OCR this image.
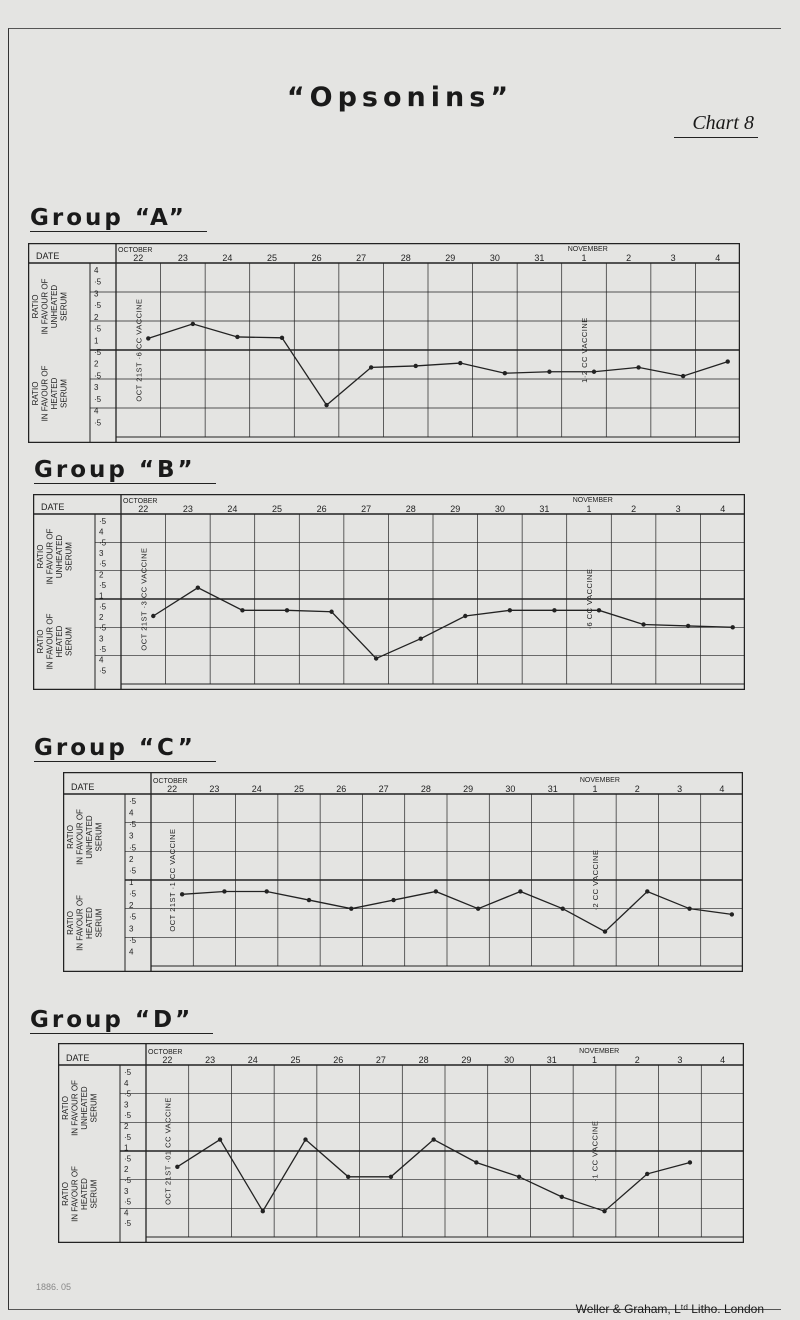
“Opsonins”
Chart 8
Group “A”
DATE
OCTOBER	NOVEMBER
22	23	24	25	26	27	28	29	30	31	1	2	3	4
4
·5
3
·5
2
·5
1
·5
2
·5
3
·5
4
·5
RATIO IN FAVOUR OF UNHEATED SERUM
RATIO IN FAVOUR OF HEATED SERUM	OCT 21ST ·6 CC VACCINE	1·2 CC VACCINE
Group “B”
DATE
OCTOBER	NOVEMBER
22	23	24	25	26	27	28	29	30	31	1	2	3	4
·5
4
·5
3
·5
2
·5
1
·5
2
·5
3
·5
4
·5
RATIO IN FAVOUR OF UNHEATED SERUM
RATIO IN FAVOUR OF HEATED SERUM	OCT 21ST ·3 CC VACCINE	·6 CC VACCINE
Group “C”
DATE
OCTOBER	NOVEMBER
22	23	24	25	26	27	28	29	30	31	1	2	3	4
·5
4
·5
3
·5
2
·5
1
·5
2
·5
3
·5
4
RATIO IN FAVOUR OF UNHEATED SERUM
RATIO IN FAVOUR OF HEATED SERUM	OCT 21ST ·1 CC VACCINE	·2 CC VACCINE
Group “D”
DATE
OCTOBER	NOVEMBER
22	23	24	25	26	27	28	29	30	31	1	2	3	4
·5
4
·5
3
·5
2
·5
1
·5
2
·5
3
·5
4
·5
RATIO IN FAVOUR OF UNHEATED SERUM
RATIO IN FAVOUR OF HEATED SERUM	OCT 21ST ·01 CC VACCINE	·1 CC VACCINE
1886. 05
Weller & Graham, Lᵗᵈ Litho. London
